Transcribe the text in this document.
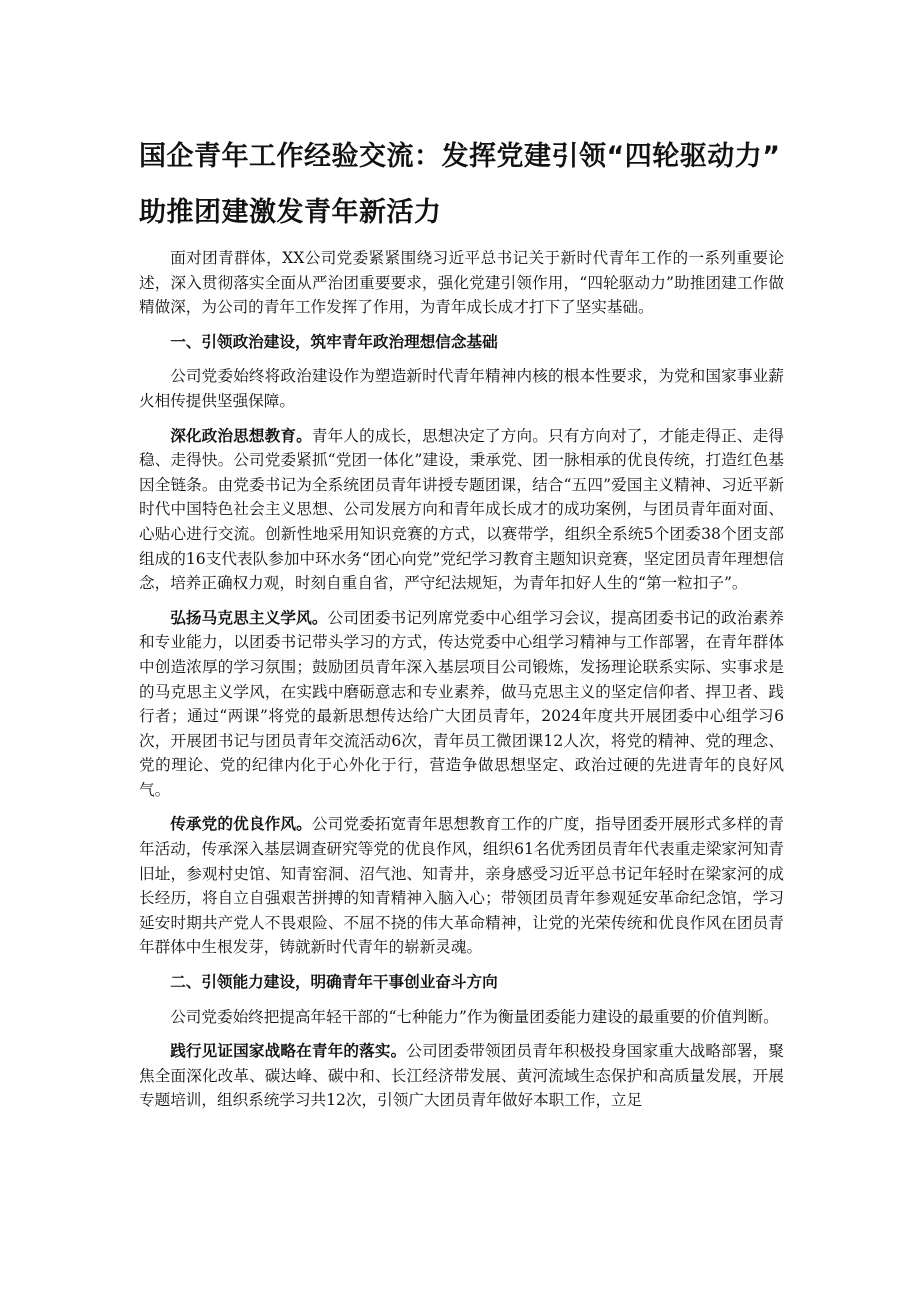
国企青年工作经验交流：发挥党建引领“四轮驱动力”
助推团建激发青年新活力

面对团青群体，XX公司党委紧紧围绕习近平总书记关于新时代青年工作的一系列重要论述，深入贯彻落实全面从严治团重要要求，强化党建引领作用，“四轮驱动力”助推团建工作做精做深，为公司的青年工作发挥了作用，为青年成长成才打下了坚实基础。

一、引领政治建设，筑牢青年政治理想信念基础

公司党委始终将政治建设作为塑造新时代青年精神内核的根本性要求，为党和国家事业薪火相传提供坚强保障。

深化政治思想教育。青年人的成长，思想决定了方向。只有方向对了，才能走得正、走得稳、走得快。公司党委紧抓“党团一体化”建设，秉承党、团一脉相承的优良传统，打造红色基因全链条。由党委书记为全系统团员青年讲授专题团课，结合“五四”爱国主义精神、习近平新时代中国特色社会主义思想、公司发展方向和青年成长成才的成功案例，与团员青年面对面、心贴心进行交流。创新性地采用知识竞赛的方式，以赛带学，组织全系统5个团委38个团支部组成的16支代表队参加中环水务“团心向党”党纪学习教育主题知识竞赛，坚定团员青年理想信念，培养正确权力观，时刻自重自省，严守纪法规矩，为青年扣好人生的“第一粒扣子”。

弘扬马克思主义学风。公司团委书记列席党委中心组学习会议，提高团委书记的政治素养和专业能力，以团委书记带头学习的方式，传达党委中心组学习精神与工作部署，在青年群体中创造浓厚的学习氛围；鼓励团员青年深入基层项目公司锻炼，发扬理论联系实际、实事求是的马克思主义学风，在实践中磨砺意志和专业素养，做马克思主义的坚定信仰者、捍卫者、践行者；通过“两课”将党的最新思想传达给广大团员青年，2024年度共开展团委中心组学习6次，开展团书记与团员青年交流活动6次，青年员工微团课12人次，将党的精神、党的理念、党的理论、党的纪律内化于心外化于行，营造争做思想坚定、政治过硬的先进青年的良好风气。

传承党的优良作风。公司党委拓宽青年思想教育工作的广度，指导团委开展形式多样的青年活动，传承深入基层调查研究等党的优良作风，组织61名优秀团员青年代表重走梁家河知青旧址，参观村史馆、知青窑洞、沼气池、知青井，亲身感受习近平总书记年轻时在梁家河的成长经历，将自立自强艰苦拼搏的知青精神入脑入心；带领团员青年参观延安革命纪念馆，学习延安时期共产党人不畏艰险、不屈不挠的伟大革命精神，让党的光荣传统和优良作风在团员青年群体中生根发芽，铸就新时代青年的崭新灵魂。

二、引领能力建设，明确青年干事创业奋斗方向

公司党委始终把提高年轻干部的“七种能力”作为衡量团委能力建设的最重要的价值判断。

践行见证国家战略在青年的落实。公司团委带领团员青年积极投身国家重大战略部署，聚焦全面深化改革、碳达峰、碳中和、长江经济带发展、黄河流域生态保护和高质量发展，开展专题培训，组织系统学习共12次，引领广大团员青年做好本职工作，立足
